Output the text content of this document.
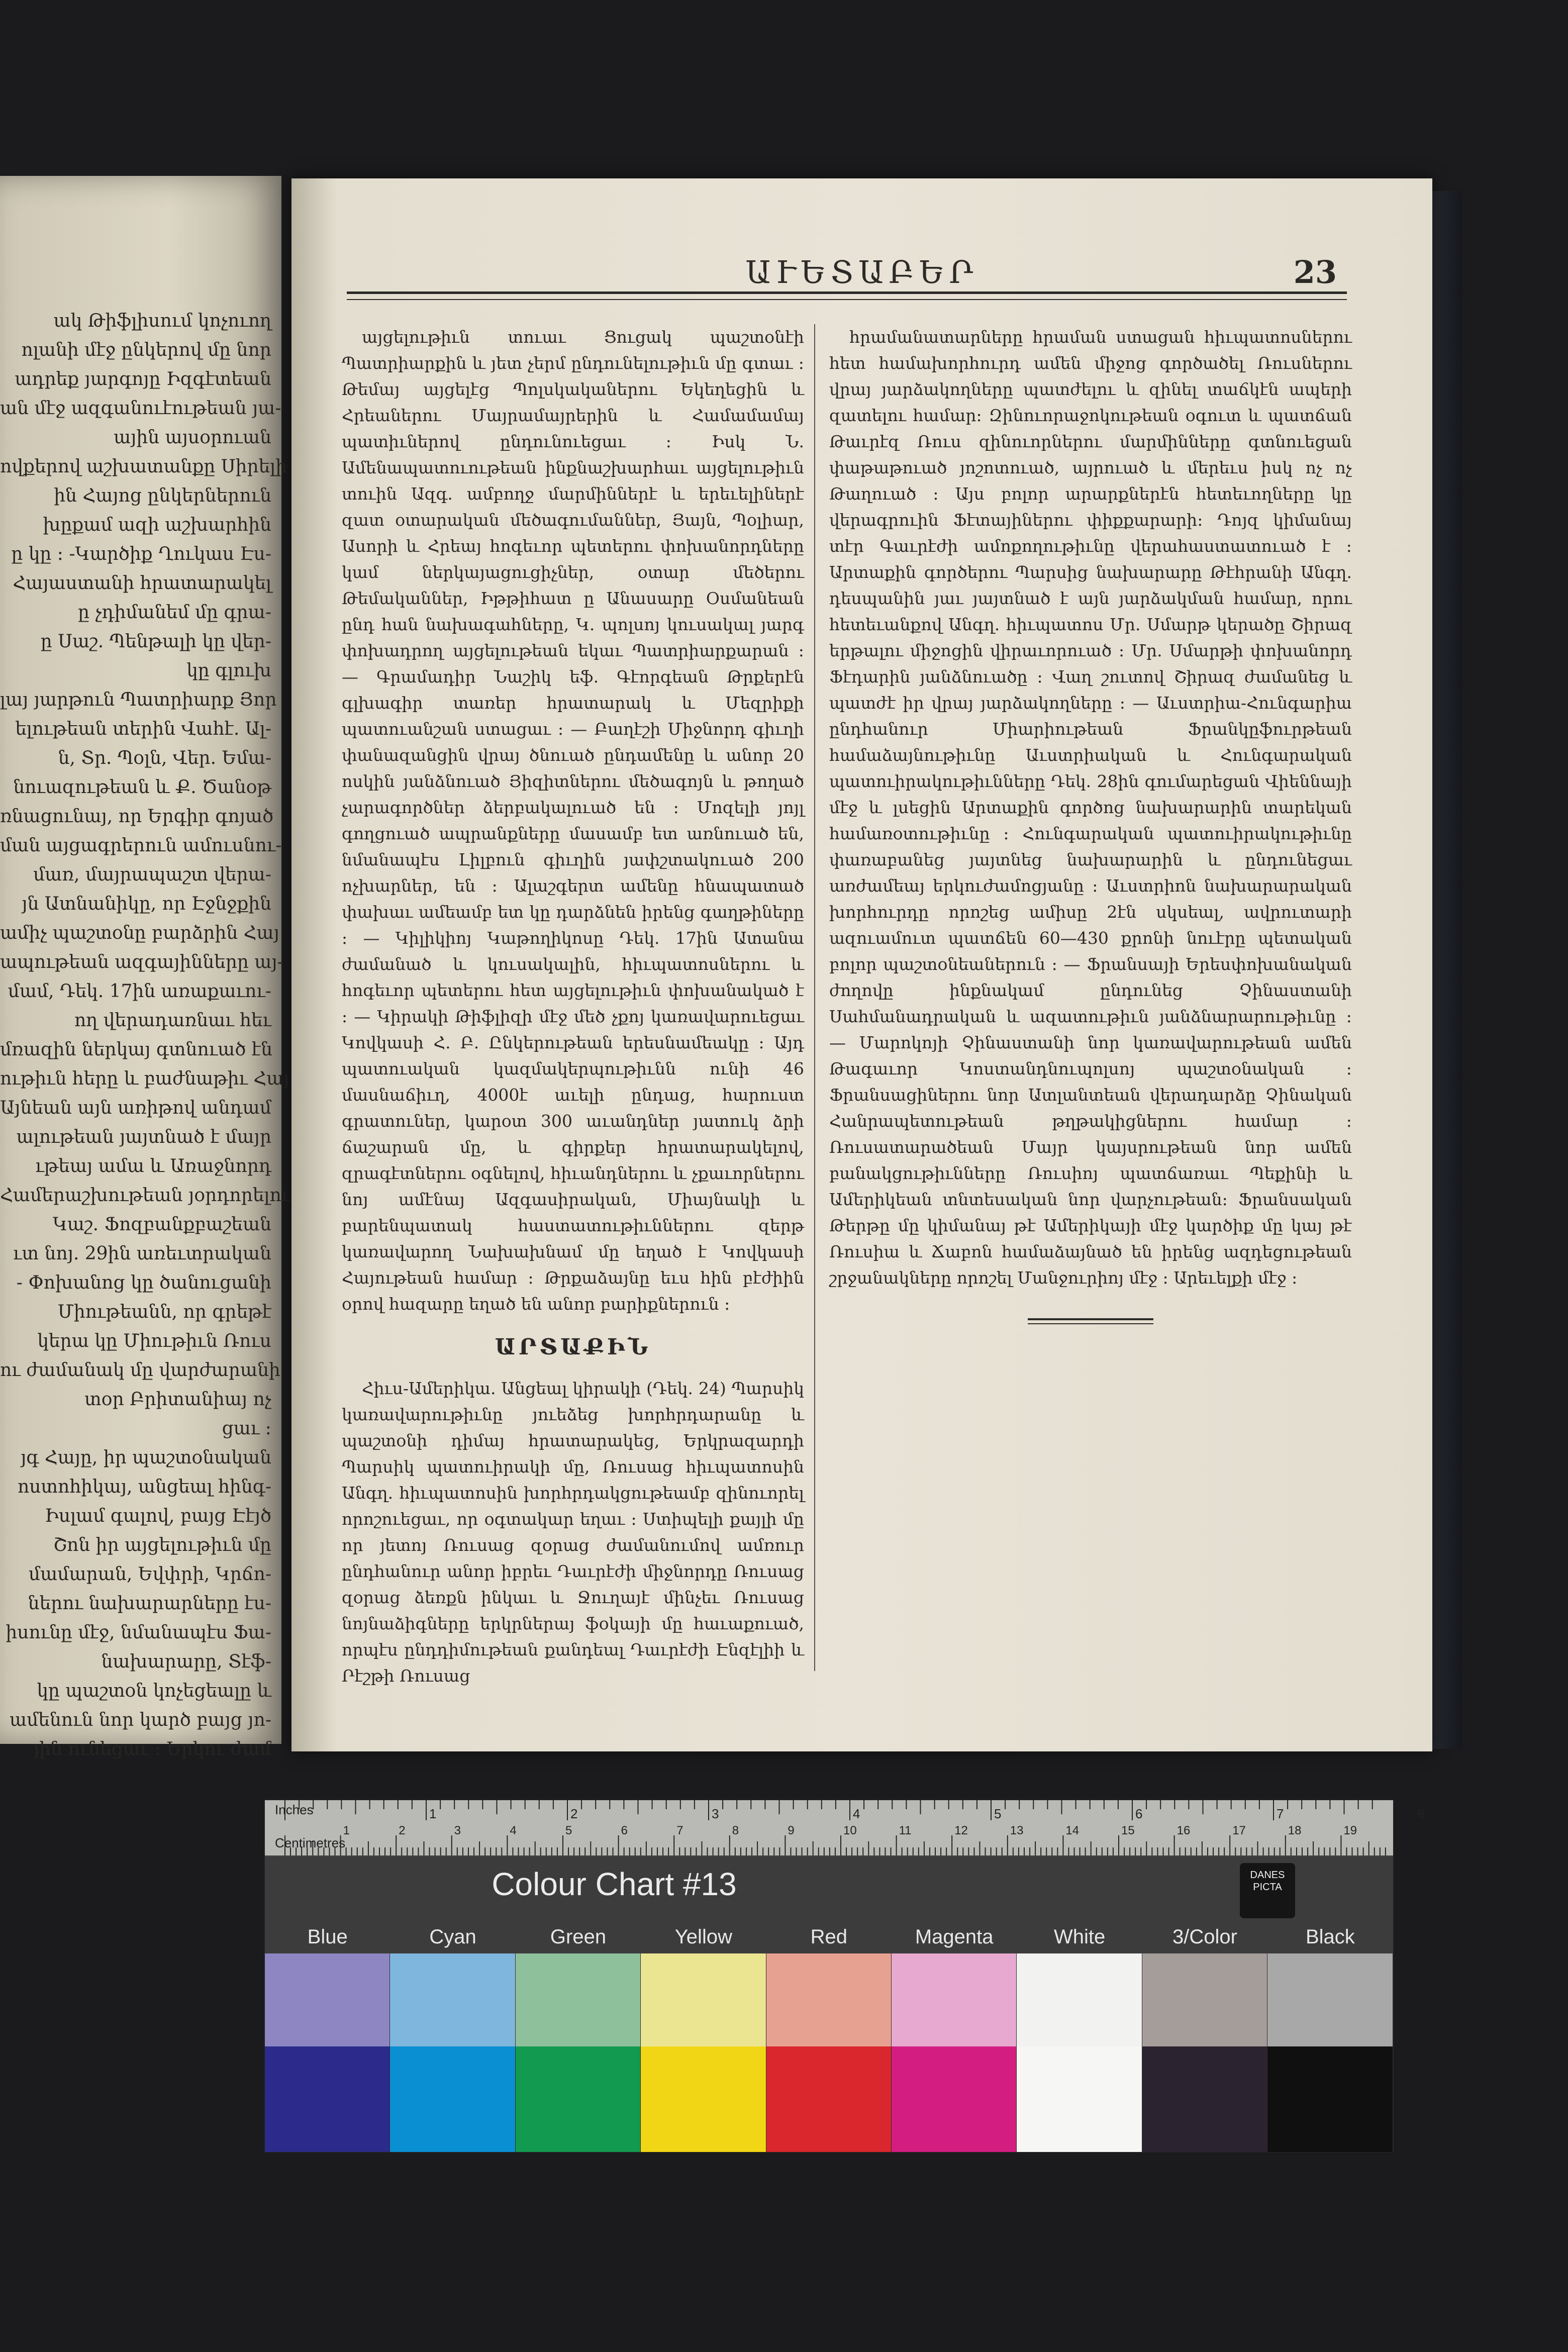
ակ Թիֆլիսում կոչուող
ոլանի մէջ ընկերով մը նոր
ադրեք յարգոյը Իզգէտեան
ան մէջ ազգանուէութեան յա-
ային այսօրուան
ովքերով աշխատանքը Սիրելի
ին Հայոց ընկերներուն
խըքամ ազի աշխարհին
ը կը : -Կարծիք Ղուկաս Էս-
Հայաստանի հրատարակել
ը չդիմանեմ մը գրա-
ը Սաշ. Պենթալի կը վեր-
կը գլուխ
լայ յարթուն Պատրիարք Յոր
ելութեան տերին Վահէ. Ալ-
ն, Տր. Պօլն, Վեր. Եմա-
նուազութեան և Ք. Ծանօթ
ռնացունայ, որ Երգիր գոյած
ման այցագրերուն ամուսնու-
մառ, մայրապաշտ վերա-
յն Ատնանիկը, որ Էջնջքին
ամիչ պաշտօնը բարձրին Հայ
ապութեան ազգայինները այ-
մամ, Դեկ. 17ին առաքաւու-
ող վերադառնաւ հեւ
մռազին ներկայ գտնուած էն
ութիւն հերը և բաժնաթիւ Հայ
Այնեան այն առիթով անդամ
ալութեան յայտնած է մայր
ւթեայ ամա և Առաջնորդ
Համերաշխութեան յօրդորելու
Կաշ. Ֆոզբանքբաշեան
ւտ նոյ. 29ին առեւտրական
- Փոխանոց կը ծանուցանի
Միութեանն, որ գրեթէ
կերա կը Միութիւն Ռուս
ու ժամանակ մը վարժարանի
տօր Բրիտանիայ ոչ
ցաւ ։
յգ Հայը, իր պաշտօնական
ոստոհիկայ, անցեալ հինգ-
Իսլամ գալով, բայց Էէյծ
Շոն իր այցելութիւն մը
մամարան, Եվփրի, Կրճո-
ներու նախարարները էս-
իսունը մէջ, նմանապէս Ֆա-
նախարարը, Տէֆ-
կը պաշտօն կոչեցեալը և
ամենուն նոր կարծ բայց յո-
յին ունեցաւ ։ Երկու ժամ
ԱՒԵՏԱԲԵՐ	23

այցելութիւն տուաւ Ցուցակ պաշտօնէի Պատրիարքին և յետ չերմ ընդունելութիւն մը գտաւ ։ Թեմայ այցելէց Պոլսկականերու Եկեղեցին և Հրեաներու Մայրամայրերին և Համամամայ պատիւներով ընդունուեցաւ ։ Իսկ Ն. Ամենապատուութեան ինքնաշխարհաւ այցելութիւն տուին Ազգ. ամբողջ մարմիններէ և երեւելիներէ զատ օտարական մեծագումաններ, Յայն, Պօլիար, Ասորի և Հրեայ հոգեւոր պետերու փոխանորդները կամ ներկայացուցիչներ, օտար մեծերու Թեմականներ, Իթթիհատ ը Անասարը Օսմանեան ընդ հան նախագահները, Կ. պոլսոյ կուսակալ յարգ փոխադրող այցելութեան եկաւ Պատրիարքարան ։ — Գրամադիր Նաշիկ եֆ. Գէորգեան Թրքերէն գլխագիր տառեր հրատարակ և Մեզրիքի պատուանշան ստացաւ ։ — Բաղէշի Միջնորդ գիւղի փանազանցին վրայ ծնուած ընդամենը և անոր 20 ոսկին յանձնուած Յիզիտներու մեծագոյն և թողած չարագործներ ձերբակալուած են ։ Մոզելի յոյլ գողցուած ապրանքները մասամբ ետ առնուած են, նմանապէս Լիլբուն գիւղին յափշտակուած 200 ոչխարներ, են ։ Ալաշգերտ ամենը հնապատած փախաւ ամեամբ ետ կը դարձնեն իրենց գաղթիները ։ — Կիլիկիոյ Կաթողիկոսը Դեկ. 17ին Ատանա ժամանած և կուսակալին, հիւպատոսներու և հոգեւոր պետերու հետ այցելութիւն փոխանակած է ։ — Կիրակի Թիֆլիզի մէջ մեծ չքոյ կառավարուեցաւ Կովկասի Հ. Բ. Ընկերութեան երեսնամեակը ։ Այդ պատուական կազմակերպութիւնն ունի 46 մասնաճիւղ, 4000է աւելի ընդաց, հարուստ գրատուներ, կարօտ 300 աւանդներ յատուկ ձրի ճաշարան մը, և գիրքեր հրատարակելով, զրագէտներու օգնելով, հիւանդներու և չքաւորներու նոյ ամէնայ Ազգասիրական, Միայնակի և բարենպատակ հաստատութիւններու զերթ կառավարող Նախախնամ մը եղած է Կովկասի Հայութեան համար ։ Թրքաձայնը եւս հին բէժիին օրով հազարը եղած են անոր բարիքներուն ։

ԱՐՏԱՔԻՆ

Հիւս-Ամերիկա. Անցեալ կիրակի (Դեկ. 24) Պարսիկ կառավարութիւնը յուեձեց խորհրդարանը և պաշտօնի դիմայ հրատարակեց, Երկրազարդի Պարսիկ պատուիրակի մը, Ռուսաց հիւպատոսին Անգղ. հիւպատոսին խորհրդակցութեամբ զինուորել որոշուեցաւ, որ օգտակար եղաւ ։ Ստիպելի քայլի մը որ յետոյ Ռուսաց զօրաց ժամանումով ամռուր ընդհանուր անոր իբրեւ Դաւրէժի միջնորդը Ռուսաց զօրաց ձեռքն ինկաւ և Ջուղայէ մինչեւ Ռուսաց նոյնաձիգները երկրներայ ֆօկայի մը հաւաքուած, որպէս ընդդիմութեան քանդեալ Դաւրէժի Էնզէլիի և Րէշթի Ռուսաց

հրամանատարները հրաման ստացան հիւպատոսներու հետ համախորհուրդ ամեն միջոց գործածել Ռուսներու վրայ յարձակողները պատժելու և զինել տաճկէն ապերի զատելու համար։ Զինուորաջոկութեան օգուտ և պատճան Թաւրէզ Ռուս զինուորներու մարմինները գտնուեցան փաթաթուած յոշոտուած, այրուած և մերեւս իսկ ոչ ոչ Թաղուած ։ Այս բոլոր արարքներէն հետեւողները կը վերագրուին Ֆէտայիներու փիքքարարի։ Դոյզ կիմանայ տէր Գաւրէժի ամոքողութիւնը վերահաստատուած է ։ Արտաքին գործերու Պարսից նախարարը Թէհրանի Անգղ. դեսպանին յաւ յայտնած է այն յարձակման համար, որու հետեւանքով Անգղ. հիւպատոս Մր. Սմարթ կերածը Շիրազ երթալու միջոցին վիրաւորուած ։ Մր. Սմարթի փոխանորդ Ֆէդարին յանձնուածը ։ Վաղ շուտով Շիրազ ժամանեց և պատժէ իր վրայ յարձակողները : — Աւստրիա-Հունգարիա ընդհանուր Միարիութեան Ֆրանկըֆուրթեան համաձայնութիւնը Աւստրիական և Հունգարական պատուիրակութիւնները Դեկ. 28ին գումարեցան Վիեննայի մէջ և լսեցին Արտաքին գործոց նախարարին տարեկան համառօտութիւնը ։ Հունգարական պատուիրակութիւնը փառաբանեց յայտնեց նախարարին և ընդունեցաւ առժամեայ երկուժամոցյանը ։ Աւստրիոն նախարարական խորհուրդը որոշեց ամիսը 2էն սկսեալ, ավրուտարի ազուամուտ պատճեն 60—430 քրոնի նուէրը պետական բոլոր պաշտօնեաներուն ։ — Ֆրանսայի Երեսփոխանական ժողովը ինքնակամ ընդունեց Չինաստանի Սահմանադրական և ազատութիւն յանձնարարութիւնը ։ — Մարոկոյի Չինաստանի նոր կառավարութեան ամեն Թագաւոր Կոստանդնուպոլսոյ պաշտօնական ։ Ֆրանսացիներու նոր Ատլանտեան վերադարձը Չինական Հանրապետութեան թղթակիցներու համար ։ Ռուսատարածեան Մայր կայսրութեան նոր ամեն բանակցութիւնները Ռուսիոյ պատճառաւ Պեքինի և Ամերիկեան տնտեսական նոր վարչութեան։ Ֆրանսական Թերթը մը կիմանայ թէ Ամերիկայի մէջ կարծիք մը կայ թէ Ռուսիա և Ճաբոն համաձայնած են իրենց ազդեցութեան շրջանակները որոշել Մանջուրիոյ մէջ ։ Արեւելքի մէջ ։

1	2	3	4	5	6	7	8
1	2	3	4	5	6	7	8	9	10	11	12	13	14	15	16	17	18	19
Inches
Centimetres
Colour Chart #13	DANES
PICTA
Blue	Cyan	Green	Yellow	Red	Magenta	White	3/Color	Black
